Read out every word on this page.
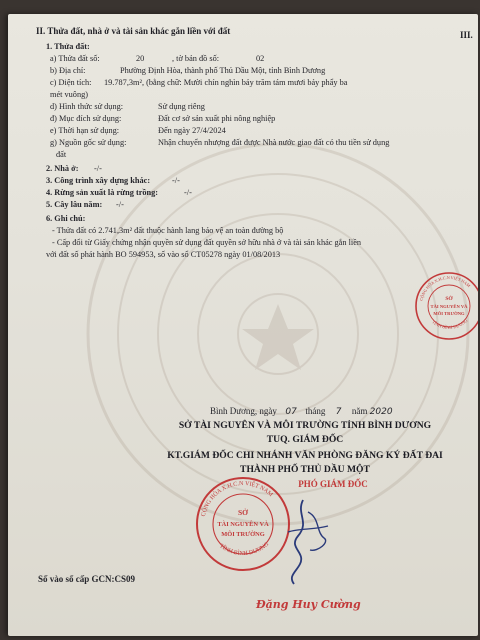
II. Thửa đất, nhà ở và tài sản khác gắn liền với đất	III.
1. Thửa đất:
a) Thửa đất số:	20	, tờ bản đồ số:	02
b) Địa chỉ:	Phường Định Hòa, thành phố Thủ Dầu Một, tỉnh Bình Dương
c) Diện tích: 19.787,3m², (bằng chữ: Mười chín nghìn bảy trăm tám mươi bảy phẩy ba
mét vuông)
d) Hình thức sử dụng:	Sử dụng riêng
đ) Mục đích sử dụng:	Đất cơ sở sản xuất phi nông nghiệp
e) Thời hạn sử dụng:	Đến ngày 27/4/2024
g) Nguồn gốc sử dụng:	Nhận chuyển nhượng đất được Nhà nước giao đất có thu tiền sử dụng
đất
2. Nhà ở: -/-
3. Công trình xây dựng khác:	-/-
4. Rừng sản xuất là rừng trồng:	-/-
5. Cây lâu năm: -/-
6. Ghi chú:
- Thửa đất có 2.741,3m² đất thuộc hành lang bảo vệ an toàn đường bộ
- Cấp đổi từ Giấy chứng nhận quyền sử dụng đất quyền sở hữu nhà ở và tài sản khác gắn liền
với đất số phát hành BO 594953, số vào sổ CT05278 ngày 01/08/2013
CỘNG HÒA X.H.C.N VIỆT NAM
TỈNH BÌNH DƯƠNG
SỞ
TÀI NGUYÊN VÀ
MÔI TRƯỜNG
Bình Dương, ngày 07 tháng 7 năm 2020
SỞ TÀI NGUYÊN VÀ MÔI TRƯỜNG TỈNH BÌNH DƯƠNG
TUQ. GIÁM ĐỐC
KT.GIÁM ĐỐC CHI NHÁNH VĂN PHÒNG ĐĂNG KÝ ĐẤT ĐAI
THÀNH PHỐ THỦ DẦU MỘT
PHÓ GIÁM ĐỐC
CỘNG HÒA X.H.C.N VIỆT NAM
TỈNH BÌNH DƯƠNG
SỞ
TÀI NGUYÊN VÀ
MÔI TRƯỜNG
Đặng Huy Cường
Số vào sổ cấp GCN:CS09
